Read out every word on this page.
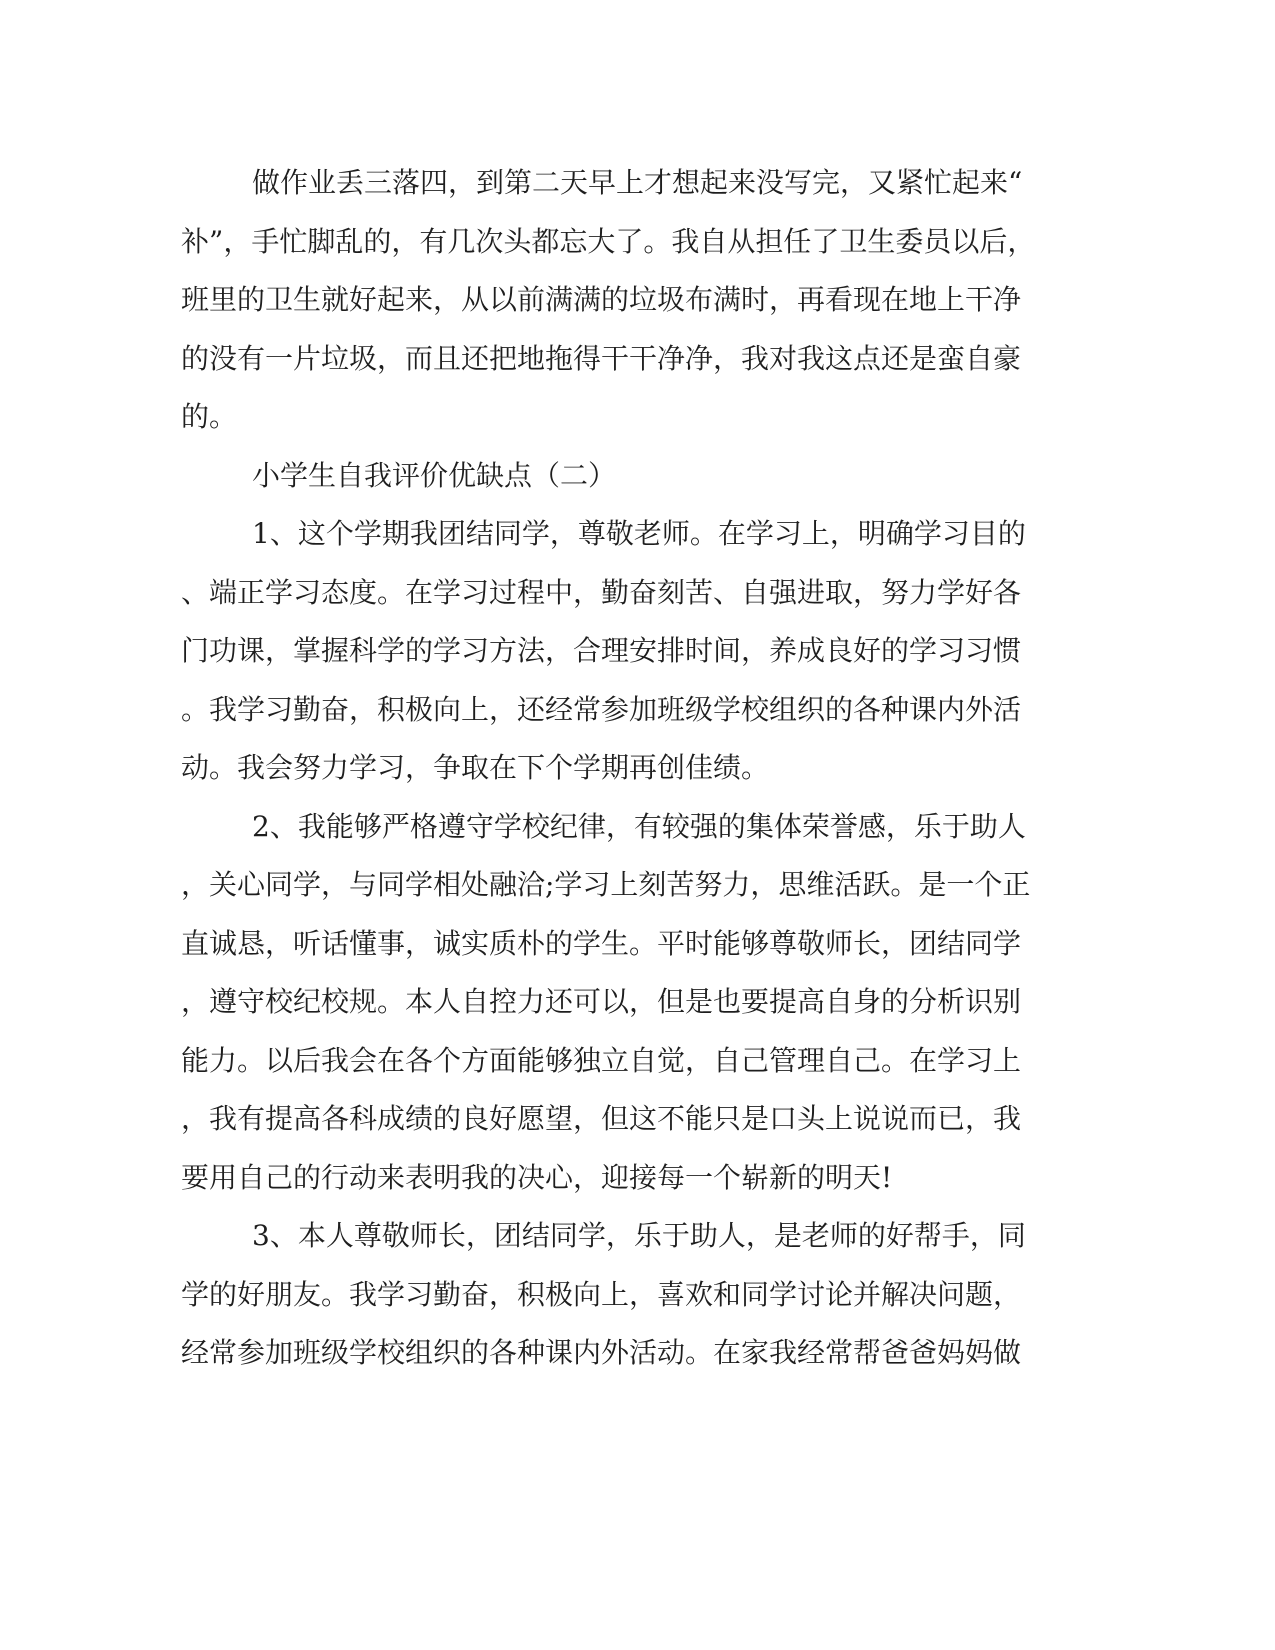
做作业丢三落四，到第二天早上才想起来没写完，又紧忙起来“
补”，手忙脚乱的，有几次头都忘大了。我自从担任了卫生委员以后，
班里的卫生就好起来，从以前满满的垃圾布满时，再看现在地上干净
的没有一片垃圾，而且还把地拖得干干净净，我对我这点还是蛮自豪
的。
小学生自我评价优缺点（二）
1、这个学期我团结同学，尊敬老师。在学习上，明确学习目的
、端正学习态度。在学习过程中，勤奋刻苦、自强进取，努力学好各
门功课，掌握科学的学习方法，合理安排时间，养成良好的学习习惯
。我学习勤奋，积极向上，还经常参加班级学校组织的各种课内外活
动。我会努力学习，争取在下个学期再创佳绩。
2、我能够严格遵守学校纪律，有较强的集体荣誉感，乐于助人
，关心同学，与同学相处融洽;学习上刻苦努力，思维活跃。是一个正
直诚恳，听话懂事，诚实质朴的学生。平时能够尊敬师长，团结同学
，遵守校纪校规。本人自控力还可以，但是也要提高自身的分析识别
能力。以后我会在各个方面能够独立自觉，自己管理自己。在学习上
，我有提高各科成绩的良好愿望，但这不能只是口头上说说而已，我
要用自己的行动来表明我的决心，迎接每一个崭新的明天!
3、本人尊敬师长，团结同学，乐于助人，是老师的好帮手，同
学的好朋友。我学习勤奋，积极向上，喜欢和同学讨论并解决问题，
经常参加班级学校组织的各种课内外活动。在家我经常帮爸爸妈妈做
